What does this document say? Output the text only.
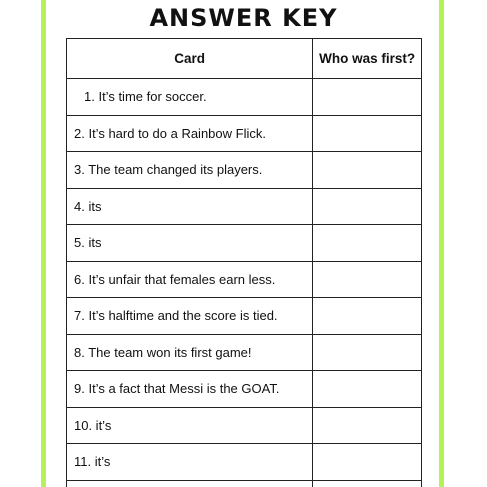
ANSWER KEY
Card	Who was first?
1. It’s time for soccer.	
2. It’s hard to do a Rainbow Flick.	
3. The team changed its players.	
4. its	
5. its	
6. It’s unfair that females earn less.	
7. It’s halftime and the score is tied.	
8. The team won its first game!	
9. It’s a fact that Messi is the GOAT.	
10. it’s	
11. it’s	
